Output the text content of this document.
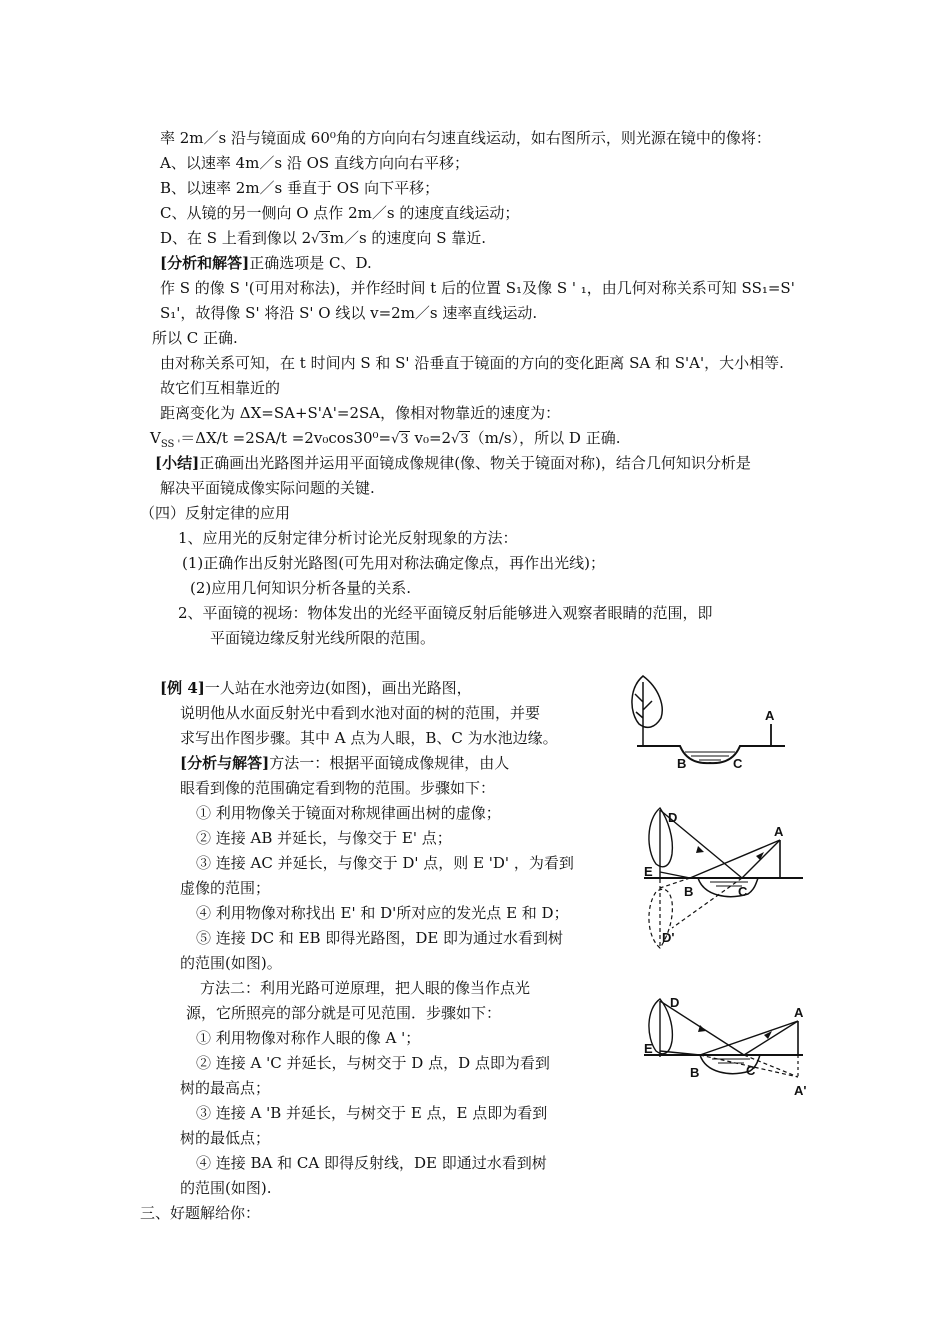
率 2m／s 沿与镜面成 60⁰角的方向向右匀速直线运动，如右图所示，则光源在镜中的像将：
A、以速率 4m／s 沿 OS 直线方向向右平移；
B、以速率 2m／s 垂直于 OS 向下平移；
C、从镜的另一侧向 O 点作 2m／s 的速度直线运动；
D、在 S 上看到像以 2√3m／s 的速度向 S 靠近.
[分析和解答]正确选项是 C、D.
作 S 的像 S '(可用对称法)，并作经时间 t 后的位置 S₁及像 S ' ₁，由几何对称关系可知 SS₁=S'
S₁'，故得像 S' 将沿 S' O 线以 v=2m／s 速率直线运动.
所以 C 正确.
由对称关系可知，在 t 时间内 S 和 S' 沿垂直于镜面的方向的变化距离 SA 和 S'A'，大小相等.
故它们互相靠近的
距离变化为 ΔX=SA+S'A'=2SA，像相对物靠近的速度为：
$V_{SS '}=\Delta X/t =2SA/t =2v_0\cos 30^0=√3$ v₀=2√3（m/s），所以 D 正确.
[小结]正确画出光路图并运用平面镜成像规律(像、物关于镜面对称)，结合几何知识分析是
解决平面镜成像实际问题的关键.
（四）反射定律的应用
1、应用光的反射定律分析讨论光反射现象的方法：
(1)正确作出反射光路图(可先用对称法确定像点，再作出光线)；
(2)应用几何知识分析各量的关系.
2、平面镜的视场：物体发出的光经平面镜反射后能够进入观察者眼睛的范围，即
平面镜边缘反射光线所限的范围。
[例 4]一人站在水池旁边(如图)，画出光路图，
说明他从水面反射光中看到水池对面的树的范围，并要
求写出作图步骤。其中 A 点为人眼，B、C 为水池边缘。
[分析与解答]方法一：根据平面镜成像规律，由人
眼看到像的范围确定看到物的范围。步骤如下：
① 利用物像关于镜面对称规律画出树的虚像；
② 连接 AB 并延长，与像交于 E' 点；
③ 连接 AC 并延长，与像交于 D' 点，则 E 'D' ，为看到
虚像的范围；
④ 利用物像对称找出 E' 和 D'所对应的发光点 E 和 D；
⑤ 连接 DC 和 EB 即得光路图，DE 即为通过水看到树
的范围(如图)。
方法二：利用光路可逆原理，把人眼的像当作点光
源，它所照亮的部分就是可见范围．步骤如下：
① 利用物像对称作人眼的像 A '；
② 连接 A 'C 并延长，与树交于 D 点，D 点即为看到
树的最高点；
③ 连接 A 'B 并延长，与树交于 E 点，E 点即为看到
树的最低点；
④ 连接 BA 和 CA 即得反射线，DE 即通过水看到树
的范围(如图).
三、好题解给你：
A
B	C
D
E
B	C
A
D'
D
E
B	C
A
A'
